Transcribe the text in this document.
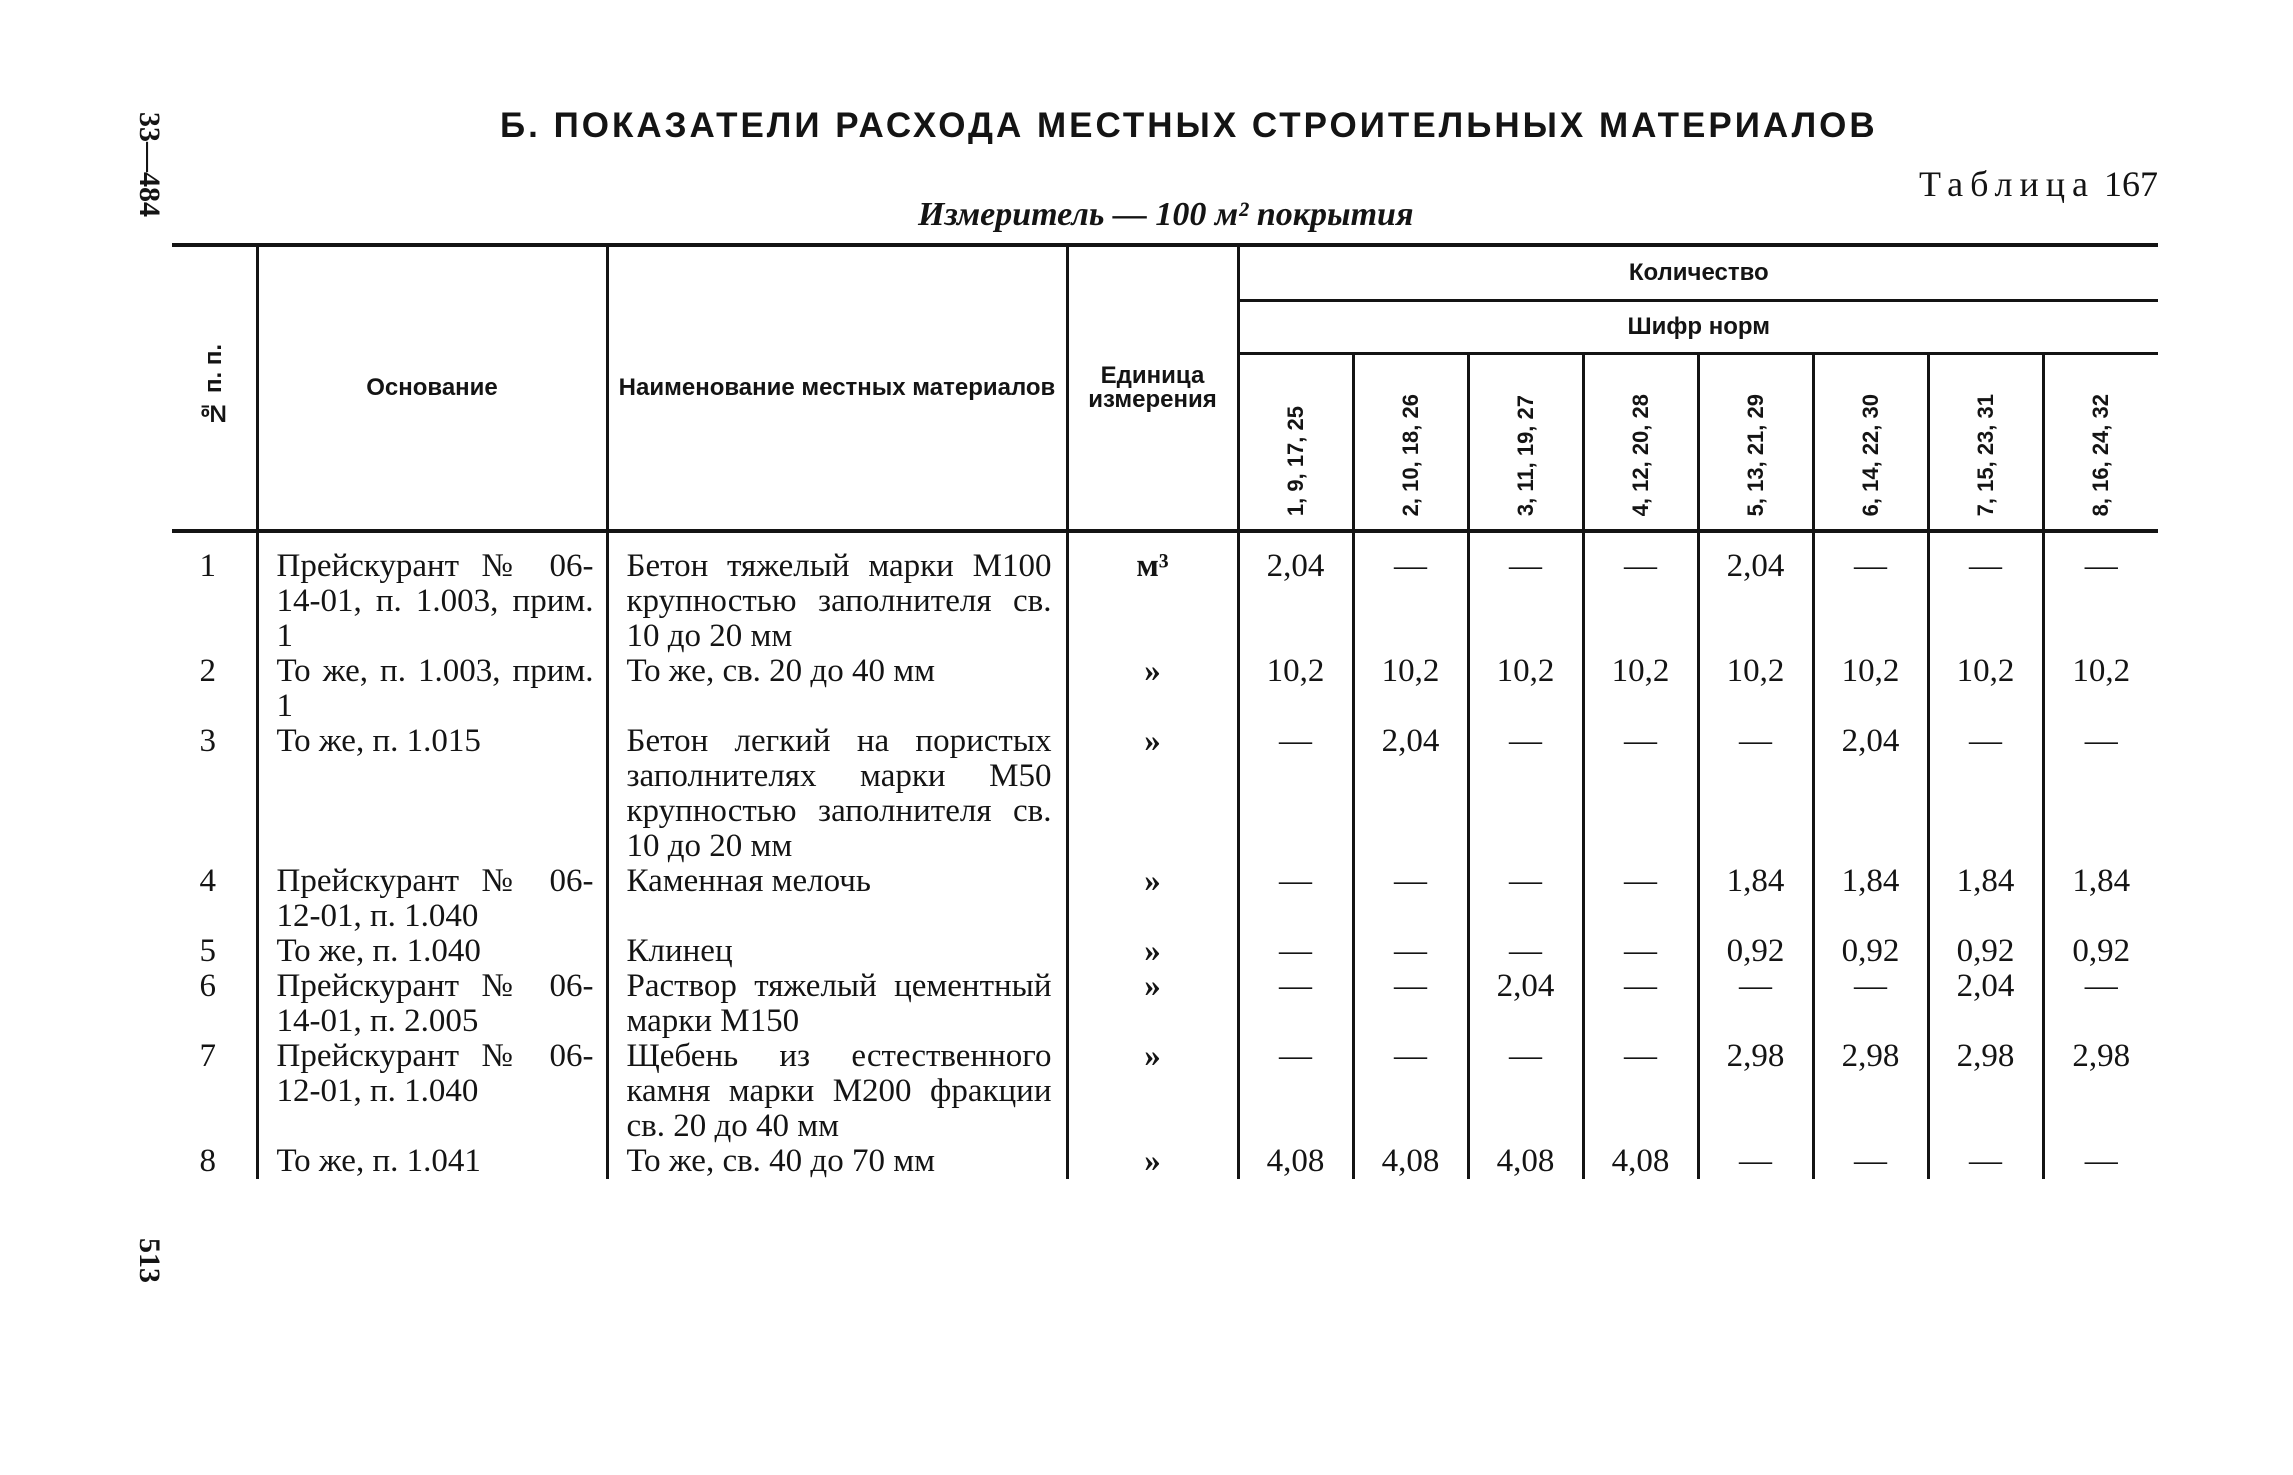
33—484
513
Б. ПОКАЗАТЕЛИ РАСХОДА МЕСТНЫХ СТРОИТЕЛЬНЫХ МАТЕРИАЛОВ
Таблица 167
Измеритель — 100 м² покрытия
№ п. п.	Основание	Наименование местных материалов	Единица измерения	Количество							
				Шифр норм							
				1, 9, 17, 25	2, 10, 18, 26	3, 11, 19, 27	4, 12, 20, 28	5, 13, 21, 29	6, 14, 22, 30	7, 15, 23, 31	8, 16, 24, 32
1	Прейскурант № 06-14-01, п. 1.003, прим. 1	Бетон тяжелый марки М100 крупностью заполнителя св. 10 до 20 мм	м³	2,04	—	—	—	2,04	—	—	—
2	То же, п. 1.003, прим. 1	То же, св. 20 до 40 мм	»	10,2	10,2	10,2	10,2	10,2	10,2	10,2	10,2
3	То же, п. 1.015	Бетон легкий на пористых заполнителях марки М50 крупностью заполнителя св. 10 до 20 мм	»	—	2,04	—	—	—	2,04	—	—
4	Прейскурант № 06-12-01, п. 1.040	Каменная мелочь	»	—	—	—	—	1,84	1,84	1,84	1,84
5	То же, п. 1.040	Клинец	»	—	—	—	—	0,92	0,92	0,92	0,92
6	Прейскурант № 06-14-01, п. 2.005	Раствор тяжелый цементный марки М150	»	—	—	2,04	—	—	—	2,04	—
7	Прейскурант № 06-12-01, п. 1.040	Щебень из естественного камня марки М200 фракции св. 20 до 40 мм	»	—	—	—	—	2,98	2,98	2,98	2,98
8	То же, п. 1.041	То же, св. 40 до 70 мм	»	4,08	4,08	4,08	4,08	—	—	—	—
